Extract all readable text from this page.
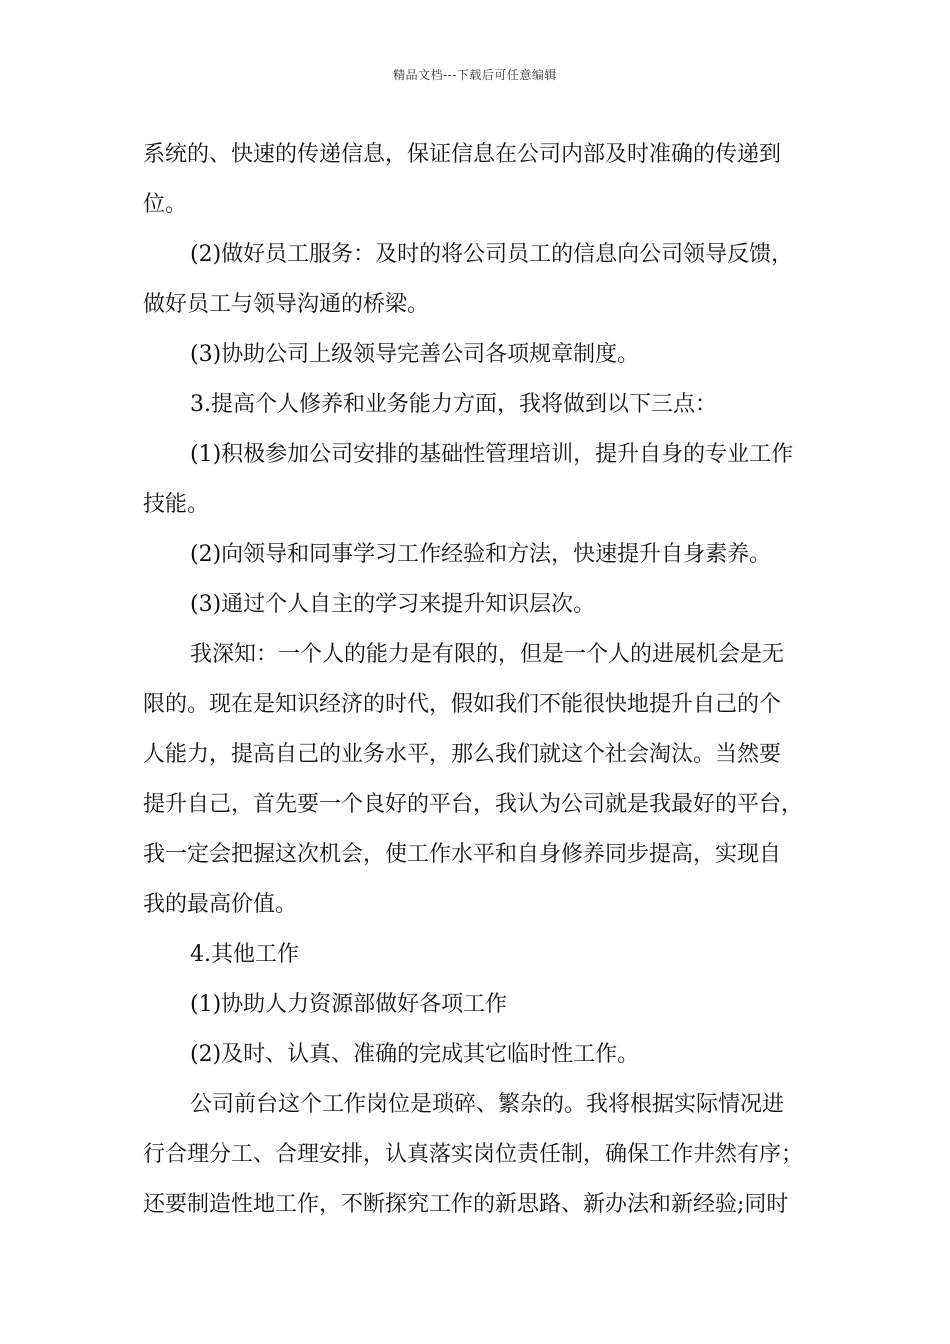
精品文档---下载后可任意编辑
系统的、快速的传递信息，保证信息在公司内部及时准确的传递到
位。
(2)做好员工服务：及时的将公司员工的信息向公司领导反馈，
做好员工与领导沟通的桥梁。
(3)协助公司上级领导完善公司各项规章制度。
3.提高个人修养和业务能力方面，我将做到以下三点：
(1)积极参加公司安排的基础性管理培训，提升自身的专业工作
技能。
(2)向领导和同事学习工作经验和方法，快速提升自身素养。
(3)通过个人自主的学习来提升知识层次。
我深知：一个人的能力是有限的，但是一个人的进展机会是无
限的。现在是知识经济的时代，假如我们不能很快地提升自己的个
人能力，提高自己的业务水平，那么我们就这个社会淘汰。当然要
提升自己，首先要一个良好的平台，我认为公司就是我最好的平台，
我一定会把握这次机会，使工作水平和自身修养同步提高，实现自
我的最高价值。
4.其他工作
(1)协助人力资源部做好各项工作
(2)及时、认真、准确的完成其它临时性工作。
公司前台这个工作岗位是琐碎、繁杂的。我将根据实际情况进
行合理分工、合理安排，认真落实岗位责任制，确保工作井然有序；
还要制造性地工作，不断探究工作的新思路、新办法和新经验;同时
